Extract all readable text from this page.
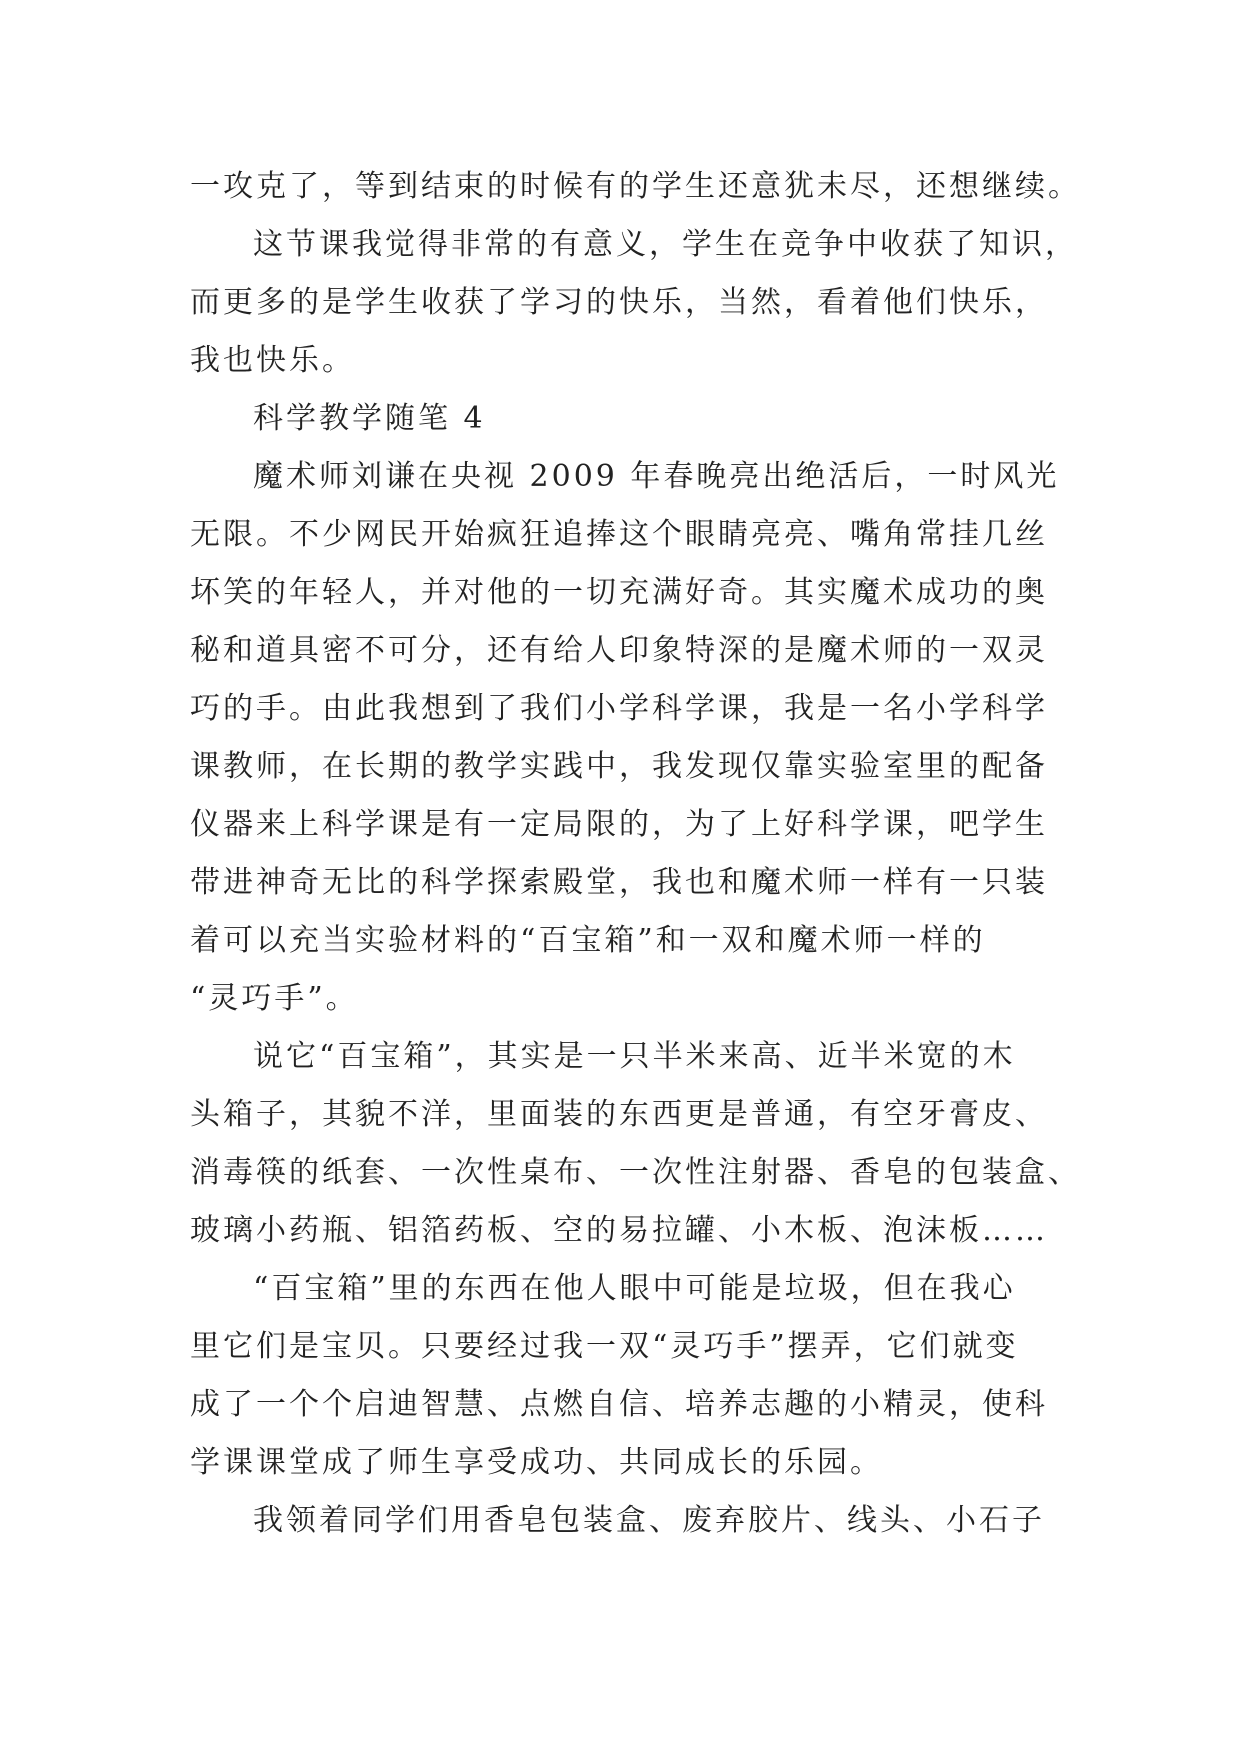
一攻克了，等到结束的时候有的学生还意犹未尽，还想继续。
这节课我觉得非常的有意义，学生在竞争中收获了知识，
而更多的是学生收获了学习的快乐，当然，看着他们快乐，
我也快乐。
科学教学随笔 4
魔术师刘谦在央视 2009 年春晚亮出绝活后，一时风光
无限。不少网民开始疯狂追捧这个眼睛亮亮、嘴角常挂几丝
坏笑的年轻人，并对他的一切充满好奇。其实魔术成功的奥
秘和道具密不可分，还有给人印象特深的是魔术师的一双灵
巧的手。由此我想到了我们小学科学课，我是一名小学科学
课教师，在长期的教学实践中，我发现仅靠实验室里的配备
仪器来上科学课是有一定局限的，为了上好科学课，吧学生
带进神奇无比的科学探索殿堂，我也和魔术师一样有一只装
着可以充当实验材料的“百宝箱”和一双和魔术师一样的
“灵巧手”。
说它“百宝箱”，其实是一只半米来高、近半米宽的木
头箱子，其貌不洋，里面装的东西更是普通，有空牙膏皮、
消毒筷的纸套、一次性桌布、一次性注射器、香皂的包装盒、
玻璃小药瓶、铝箔药板、空的易拉罐、小木板、泡沫板……
“百宝箱”里的东西在他人眼中可能是垃圾，但在我心
里它们是宝贝。只要经过我一双“灵巧手”摆弄，它们就变
成了一个个启迪智慧、点燃自信、培养志趣的小精灵，使科
学课课堂成了师生享受成功、共同成长的乐园。
我领着同学们用香皂包装盒、废弃胶片、线头、小石子
